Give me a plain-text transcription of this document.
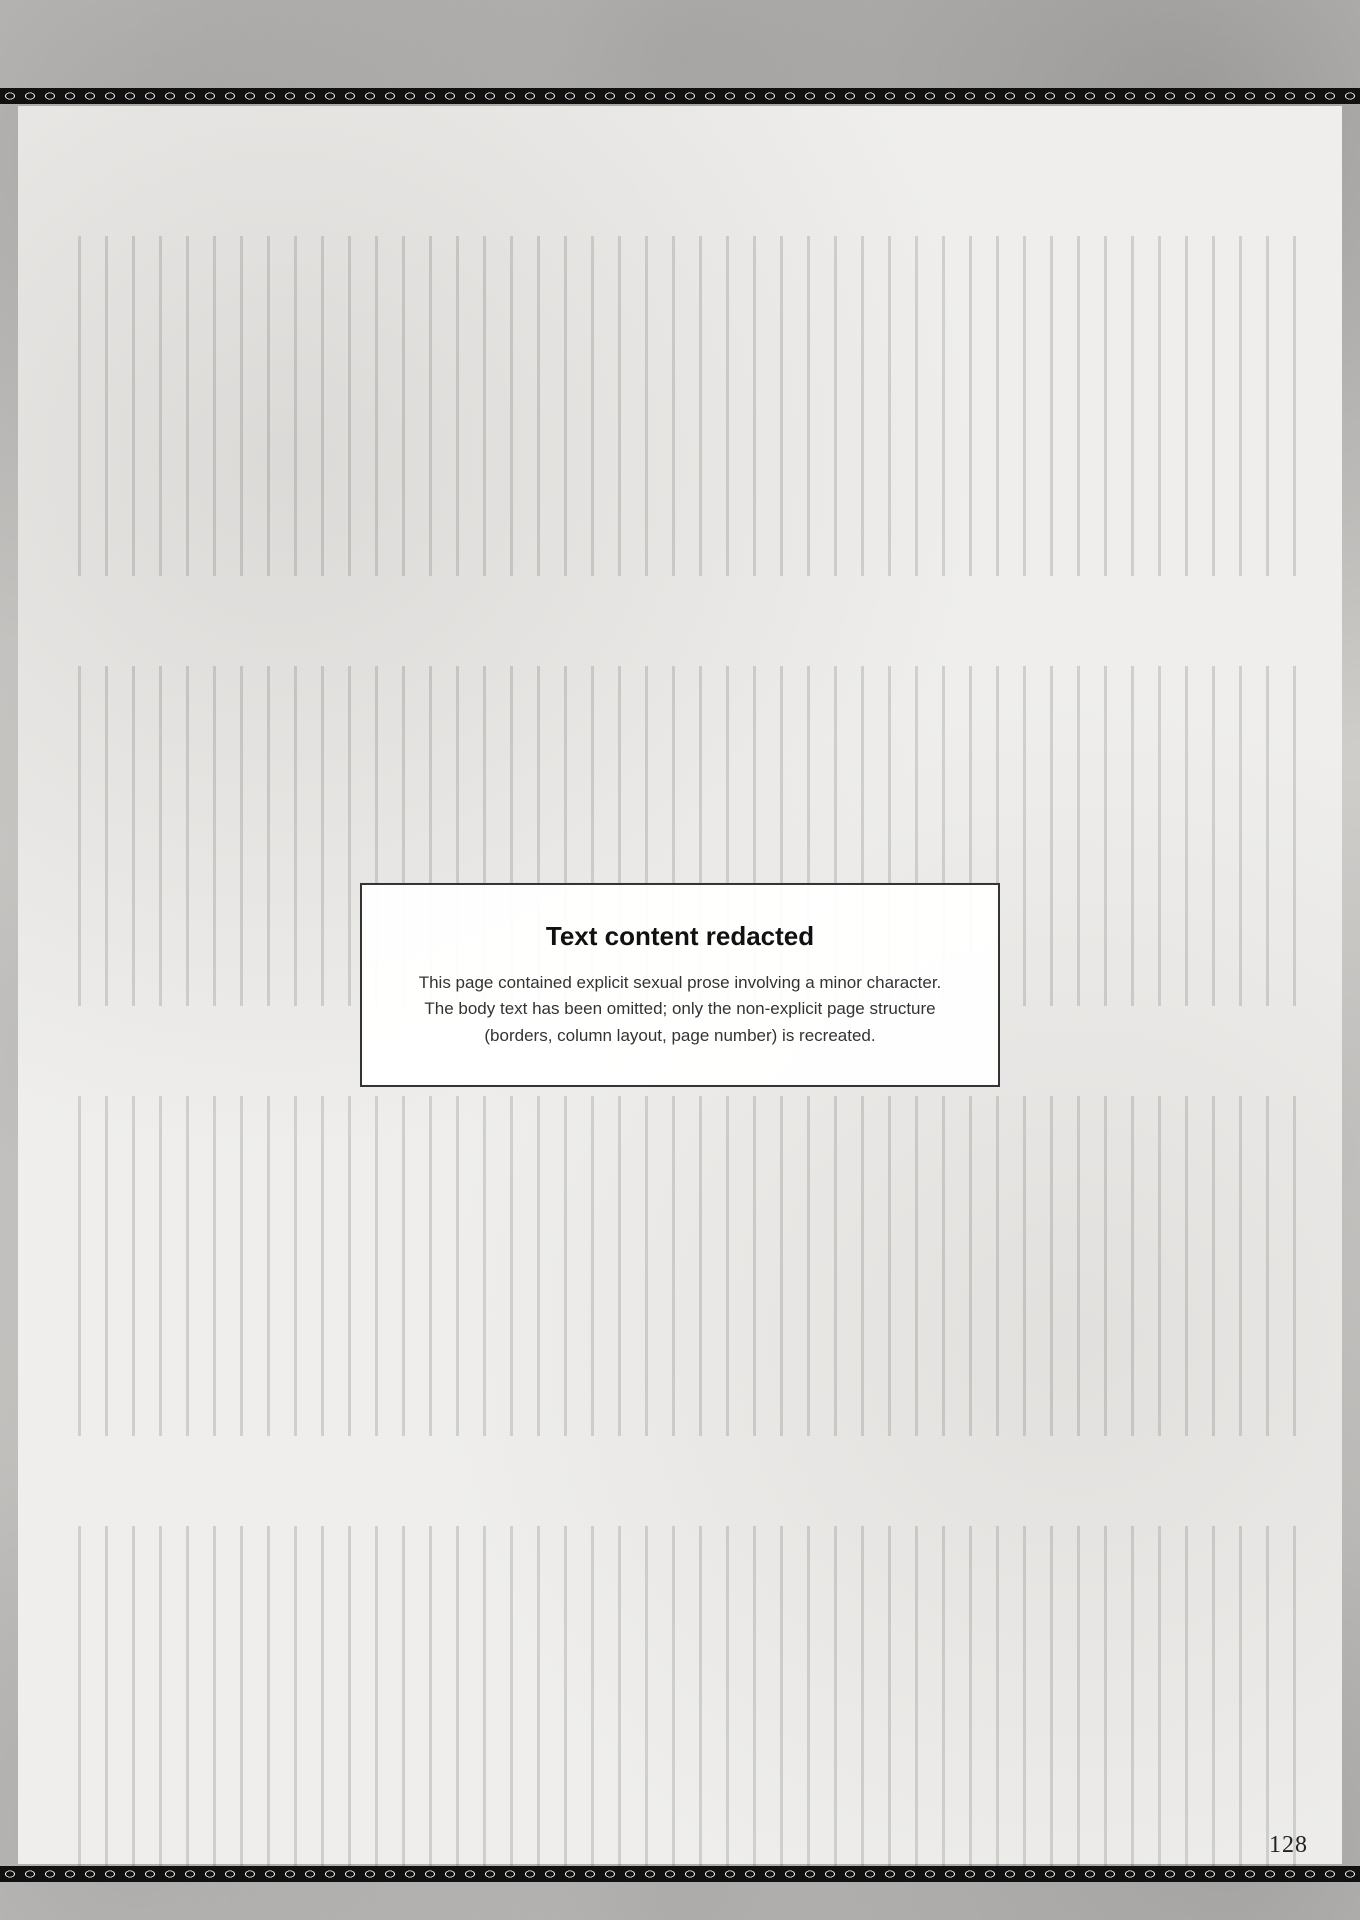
Text content redacted

This page contained explicit sexual prose involving a minor character. The body text has been omitted; only the non-explicit page structure (borders, column layout, page number) is recreated.

128
